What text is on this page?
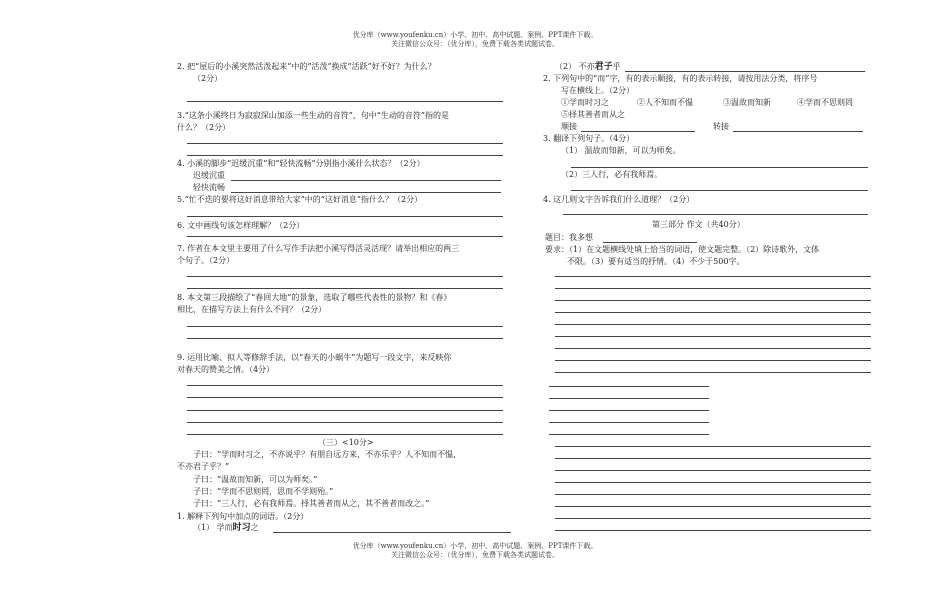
优分库（www.youfenku.cn）小学、初中、高中试题、案例、PPT课件下载。
关注微信公众号：（优分库），免费下载各类试题试卷。
2. 把“屋后的小溪突然活泼起来”中的“活泼”换成“活跃”好不好？为什么？
（2分）
3.“这条小溪终日为寂寂深山加添一些生动的音符”，句中“生动的音符”指的是
什么？（2分）
4. 小溪的脚步“迟缓沉重”和“轻快流畅”分别指小溪什么状态？（2分）
迟缓沉重
轻快流畅
5.“忙不迭的要将这好消息带给大家”中的“这好消息”指什么？（2分）
6. 文中画线句该怎样理解？（2分）
7. 作者在本文里主要用了什么写作手法把小溪写得活灵活现？请举出相应的两三
个句子。（2分）
8. 本文第三段描绘了“春回大地”的景象，选取了哪些代表性的景物？和《春》
相比，在描写方法上有什么不同？（2分）
9. 运用比喻、拟人等修辞手法，以“春天的小蜗牛”为题写一段文字，来反映你
对春天的赞美之情。（4分）
（三）<10分>
子曰：“学而时习之，不亦说乎？有朋自远方来，不亦乐乎？人不知而不愠，
不亦君子乎？”
子曰：“温故而知新，可以为师矣。”
子曰：“学而不思则罔，思而不学则殆。”
子曰：“三人行，必有我师焉。择其善者而从之，其不善者而改之。”
1. 解释下列句中加点的词语。（2分）
（1） 学而时习之
（2） 不亦君子乎
2. 下列句中的“而”字，有的表示顺接，有的表示转接，请按用法分类，将序号
写在横线上。（2分）
①学而时习之	②人不知而不愠	③温故而知新	④学而不思则罔
⑤择其善者而从之
顺接	转接
3. 翻译下列句子。（4分）
（1） 温故而知新，可以为师矣。
（2）三人行，必有我师焉。
4. 这几则文字告诉我们什么道理？（2分）
第三部分 作文（共40分）
题目：我多想
要求：（1）在文题横线处填上恰当的词语，使文题完整。（2）除诗歌外，文体
不限。（3）要有适当的抒情。（4）不少于500字。
优分库（www.youfenku.cn）小学、初中、高中试题、案例、PPT课件下载。
关注微信公众号：（优分库），免费下载各类试题试卷。
